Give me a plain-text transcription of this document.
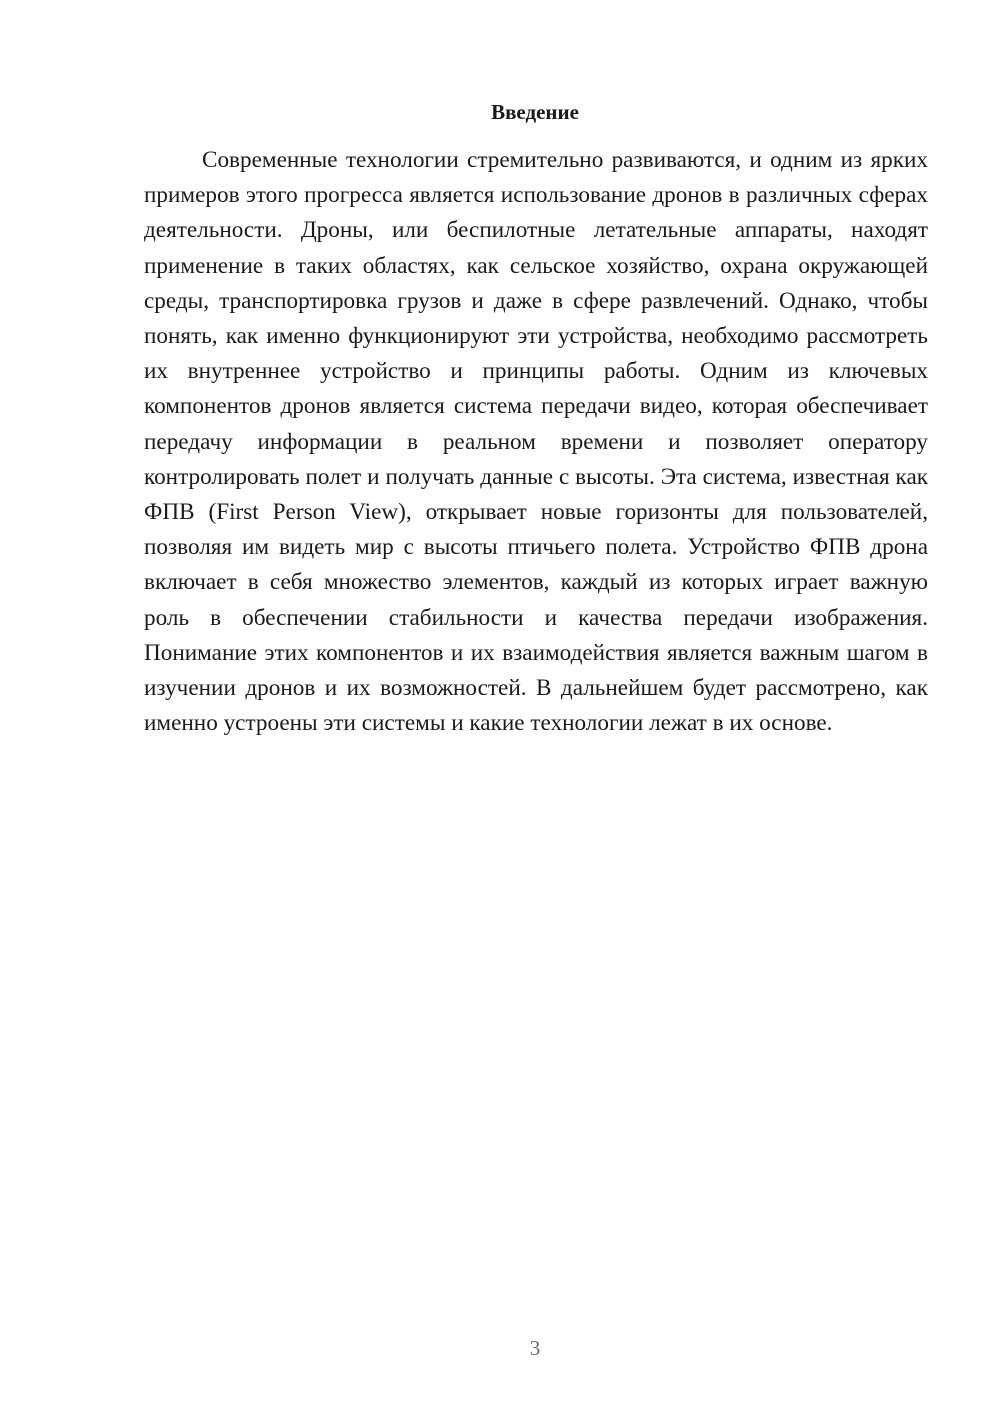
Введение

Современные технологии стремительно развиваются, и одним из ярких примеров этого прогресса является использование дронов в различных сферах деятельности. Дроны, или беспилотные летательные аппараты, находят применение в таких областях, как сельское хозяйство, охрана окружающей среды, транспортировка грузов и даже в сфере развлечений. Однако, чтобы понять, как именно функционируют эти устройства, необходимо рассмотреть их внутреннее устройство и принципы работы. Одним из ключевых компонентов дронов является система передачи видео, которая обеспечивает передачу информации в реальном времени и позволяет оператору контролировать полет и получать данные с высоты. Эта система, известная как ФПВ (First Person View), открывает новые горизонты для пользователей, позволяя им видеть мир с высоты птичьего полета. Устройство ФПВ дрона включает в себя множество элементов, каждый из которых играет важную роль в обеспечении стабильности и качества передачи изображения. Понимание этих компонентов и их взаимодействия является важным шагом в изучении дронов и их возможностей. В дальнейшем будет рассмотрено, как именно устроены эти системы и какие технологии лежат в их основе.

3
